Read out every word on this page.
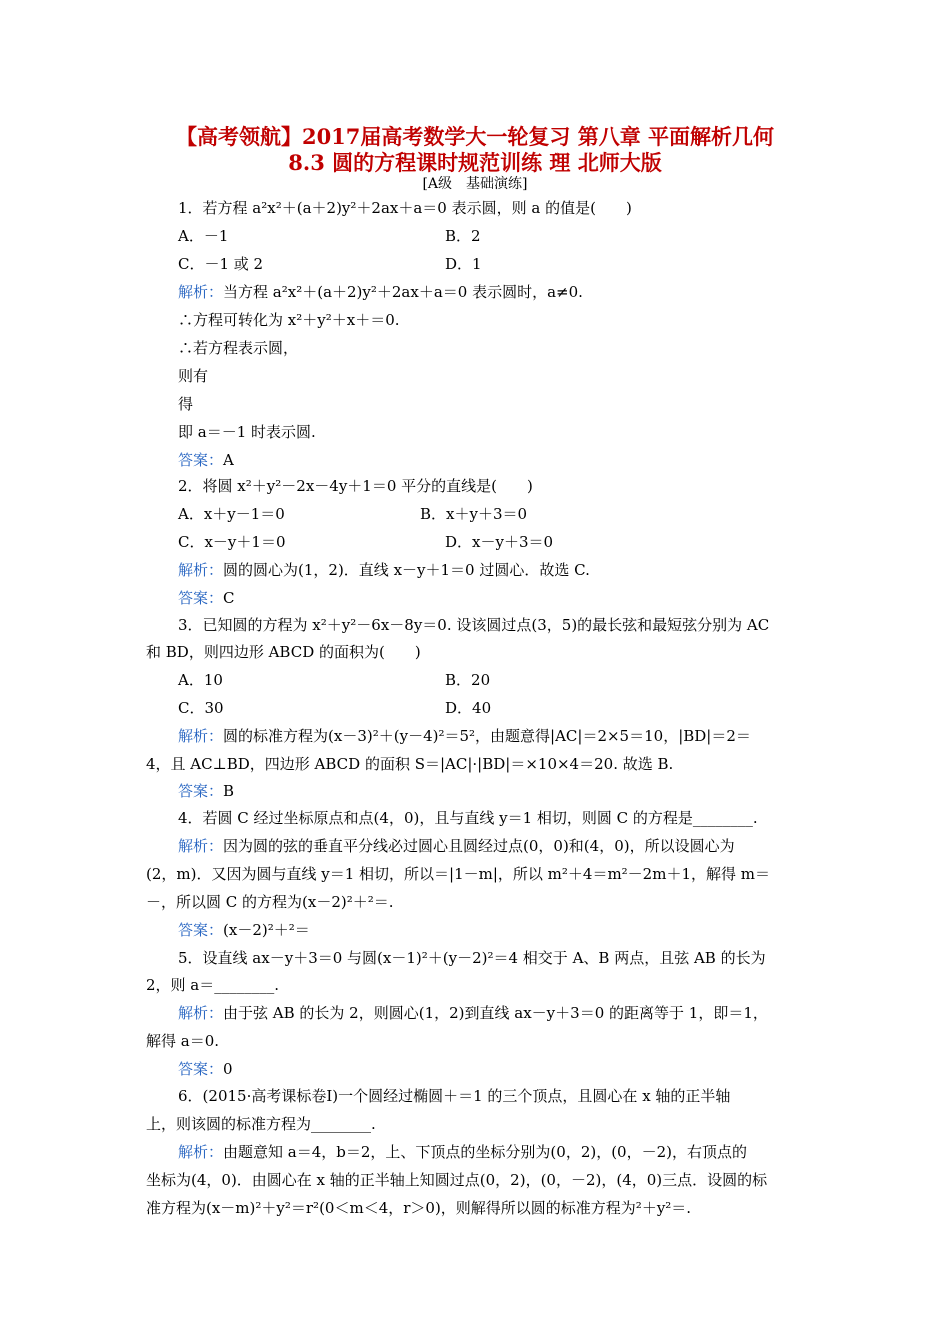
【高考领航】2017届高考数学大一轮复习 第八章 平面解析几何
8.3 圆的方程课时规范训练 理 北师大版
[A级　基础演练]
1．若方程 a²x²＋(a＋2)y²＋2ax＋a＝0 表示圆，则 a 的值是(　　)
A．－1	B．2
C．－1 或 2	D．1
解析：当方程 a²x²＋(a＋2)y²＋2ax＋a＝0 表示圆时，a≠0.
∴方程可转化为 x²＋y²＋x＋＝0.
∴若方程表示圆，
则有
得
即 a＝－1 时表示圆.
答案：A
2．将圆 x²＋y²－2x－4y＋1＝0 平分的直线是(　　)
A．x＋y－1＝0	B．x＋y＋3＝0
C．x－y＋1＝0	D．x－y＋3＝0
解析：圆的圆心为(1，2)．直线 x－y＋1＝0 过圆心．故选 C.
答案：C
3．已知圆的方程为 x²＋y²－6x－8y＝0. 设该圆过点(3，5)的最长弦和最短弦分别为 AC
和 BD，则四边形 ABCD 的面积为(　　)
A．10	B．20
C．30	D．40
解析：圆的标准方程为(x－3)²＋(y－4)²＝5²，由题意得|AC|＝2×5＝10，|BD|＝2＝
4，且 AC⊥BD，四边形 ABCD 的面积 S＝|AC|·|BD|＝×10×4＝20. 故选 B.
答案：B
4．若圆 C 经过坐标原点和点(4，0)，且与直线 y＝1 相切，则圆 C 的方程是________.
解析：因为圆的弦的垂直平分线必过圆心且圆经过点(0，0)和(4，0)，所以设圆心为
(2，m)．又因为圆与直线 y＝1 相切，所以＝|1－m|，所以 m²＋4＝m²－2m＋1，解得 m＝
－，所以圆 C 的方程为(x－2)²＋²＝.
答案：(x－2)²＋²＝
5．设直线 ax－y＋3＝0 与圆(x－1)²＋(y－2)²＝4 相交于 A、B 两点，且弦 AB 的长为
2，则 a＝________.
解析：由于弦 AB 的长为 2，则圆心(1，2)到直线 ax－y＋3＝0 的距离等于 1，即＝1，
解得 a＝0.
答案：0
6．(2015·高考课标卷Ⅰ)一个圆经过椭圆＋＝1 的三个顶点，且圆心在 x 轴的正半轴
上，则该圆的标准方程为________.
解析：由题意知 a＝4，b＝2，上、下顶点的坐标分别为(0，2)，(0，－2)，右顶点的
坐标为(4，0)．由圆心在 x 轴的正半轴上知圆过点(0，2)，(0，－2)，(4，0)三点．设圆的标
准方程为(x－m)²＋y²＝r²(0＜m＜4，r＞0)，则解得所以圆的标准方程为²＋y²＝.
